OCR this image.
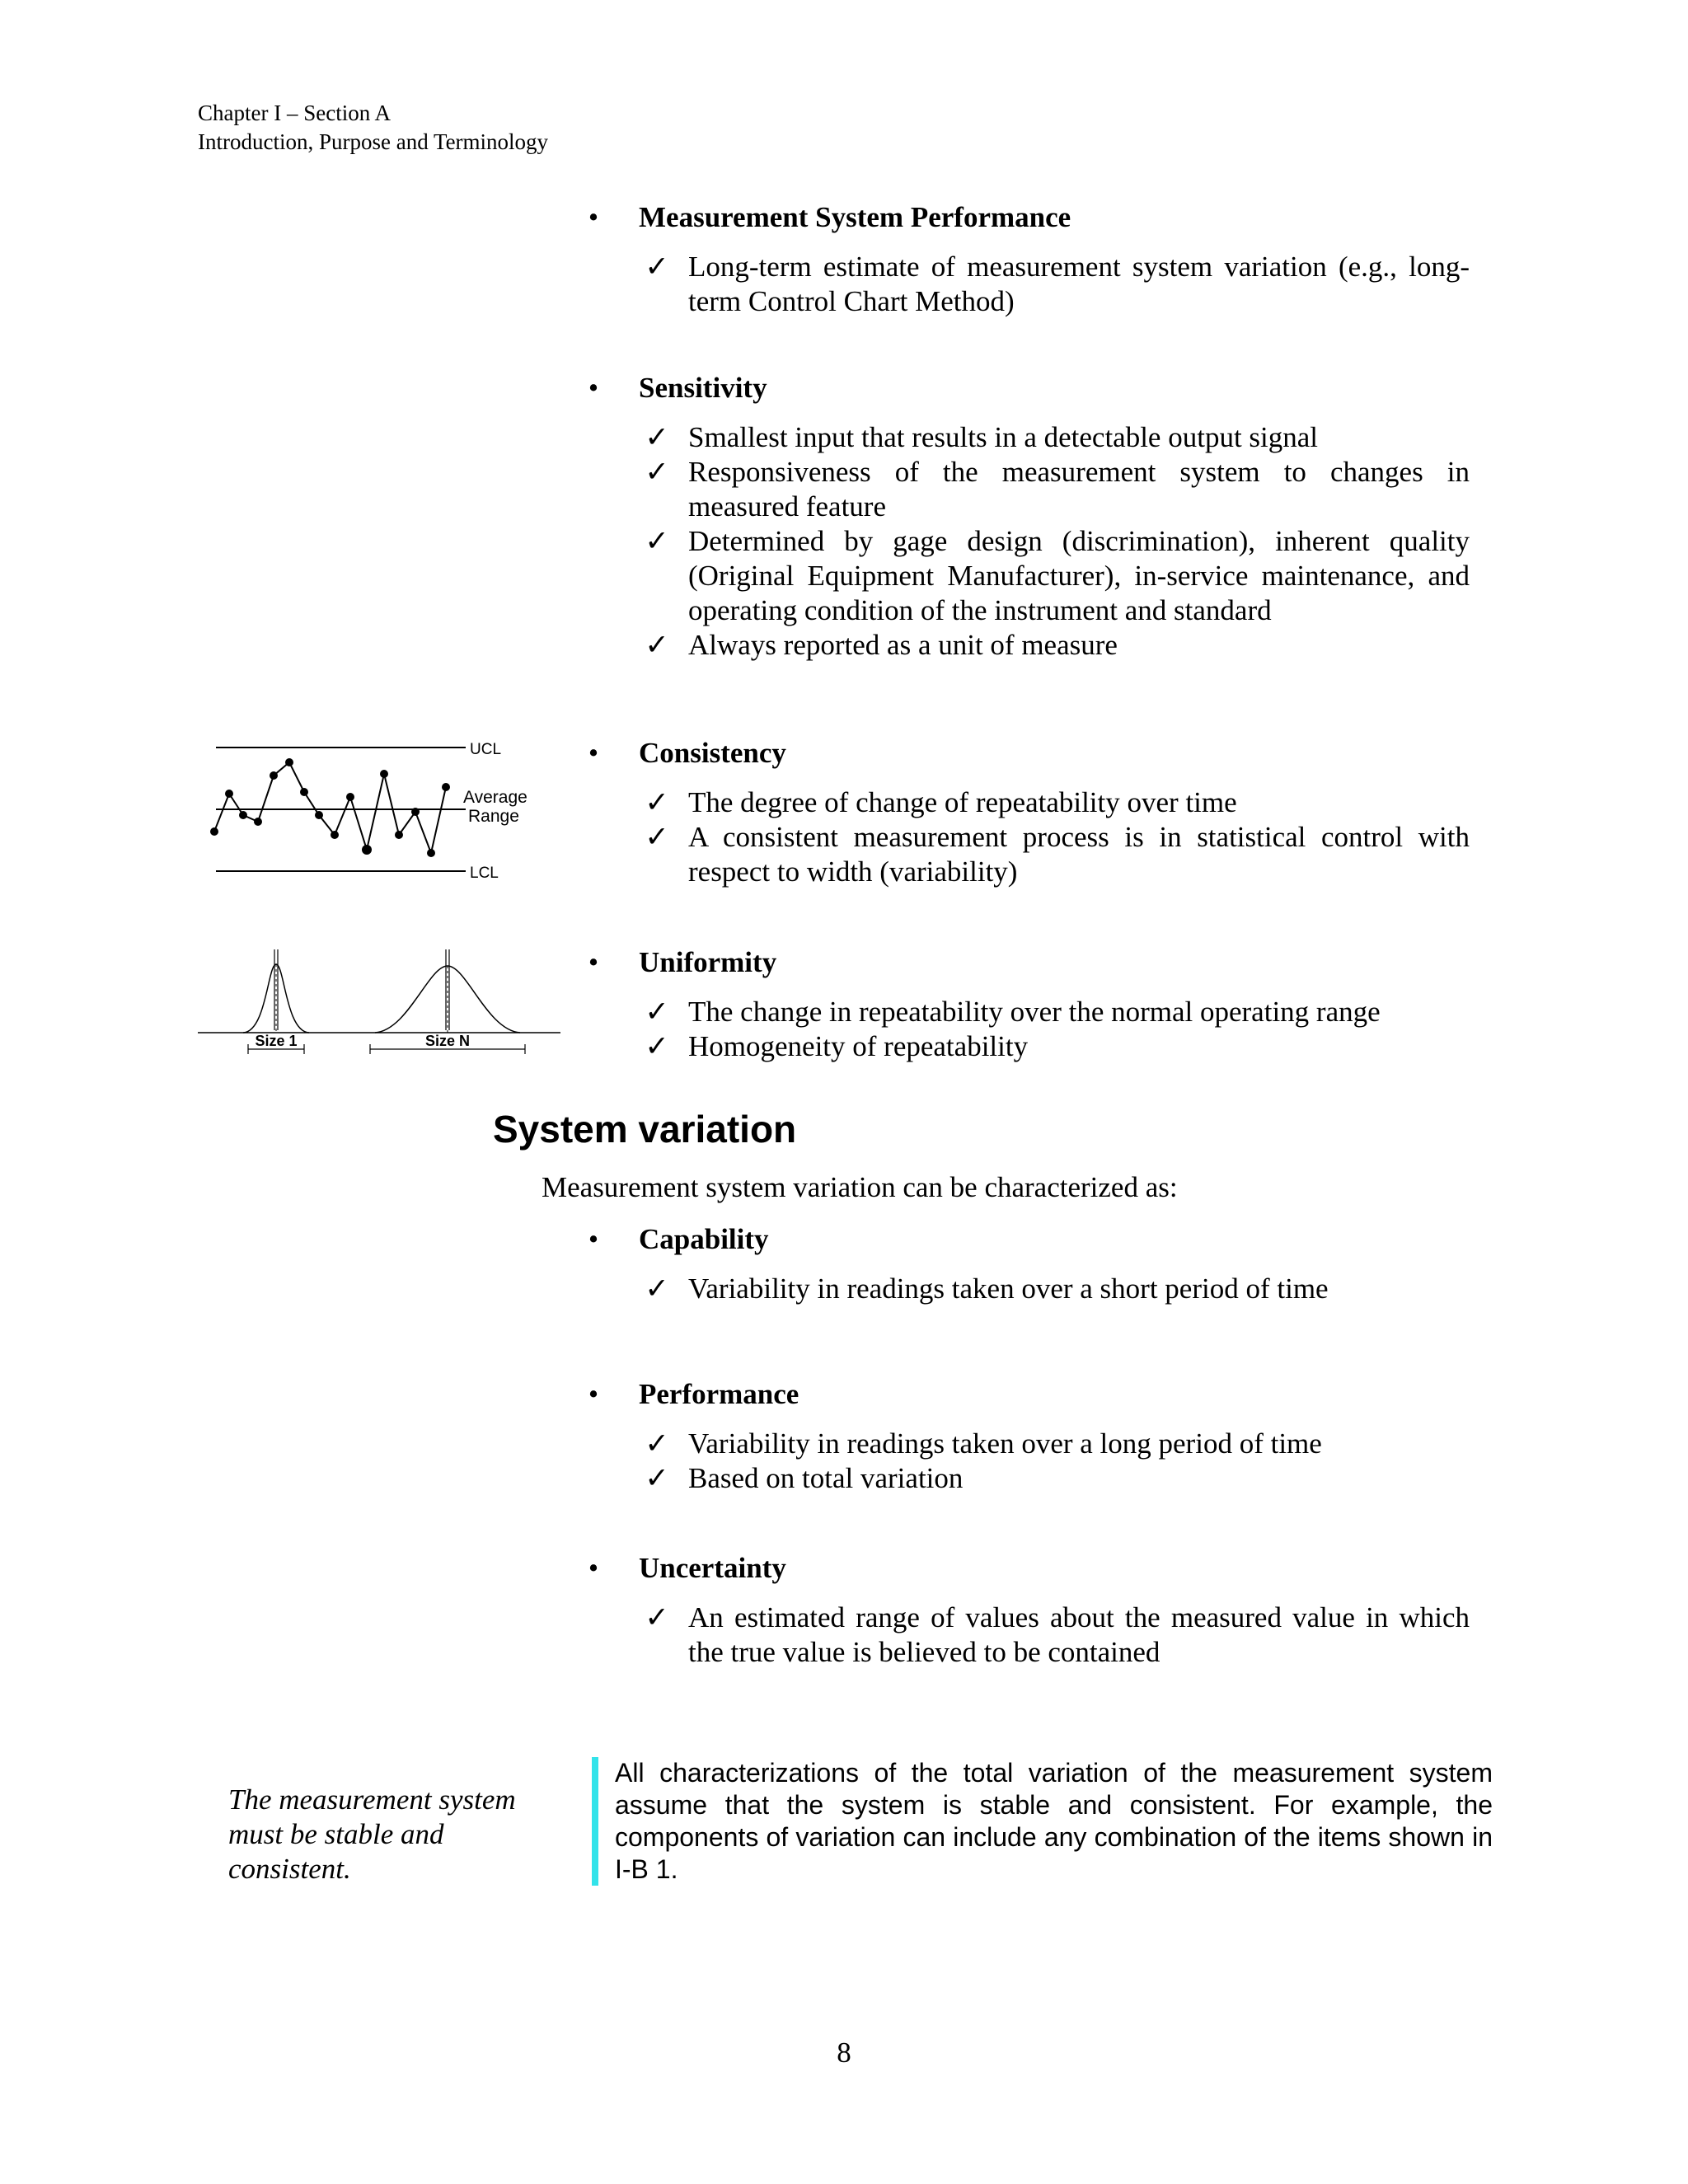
Chapter I – Section A
Introduction, Purpose and Terminology
• Measurement System Performance
✓ Long-term estimate of measurement system variation (e.g., long-term Control Chart Method)
• Sensitivity
✓ Smallest input that results in a detectable output signal
✓ Responsiveness of the measurement system to changes in measured feature
✓ Determined by gage design (discrimination), inherent quality (Original Equipment Manufacturer), in-service maintenance, and operating condition of the instrument and standard
✓ Always reported as a unit of measure
• Consistency
✓ The degree of change of repeatability over time
✓ A consistent measurement process is in statistical control with respect to width (variability)
• Uniformity
✓ The change in repeatability over the normal operating range
✓ Homogeneity of repeatability
UCL
Average
Range
LCL
Size 1	Size N
System variation
Measurement system variation can be characterized as:
• Capability
✓ Variability in readings taken over a short period of time
• Performance
✓ Variability in readings taken over a long period of time
✓ Based on total variation
• Uncertainty
✓ An estimated range of values about the measured value in which the true value is believed to be contained
The measurement system must be stable and consistent.
All characterizations of the total variation of the measurement system assume that the system is stable and consistent. For example, the components of variation can include any combination of the items shown in I-B 1.
8
